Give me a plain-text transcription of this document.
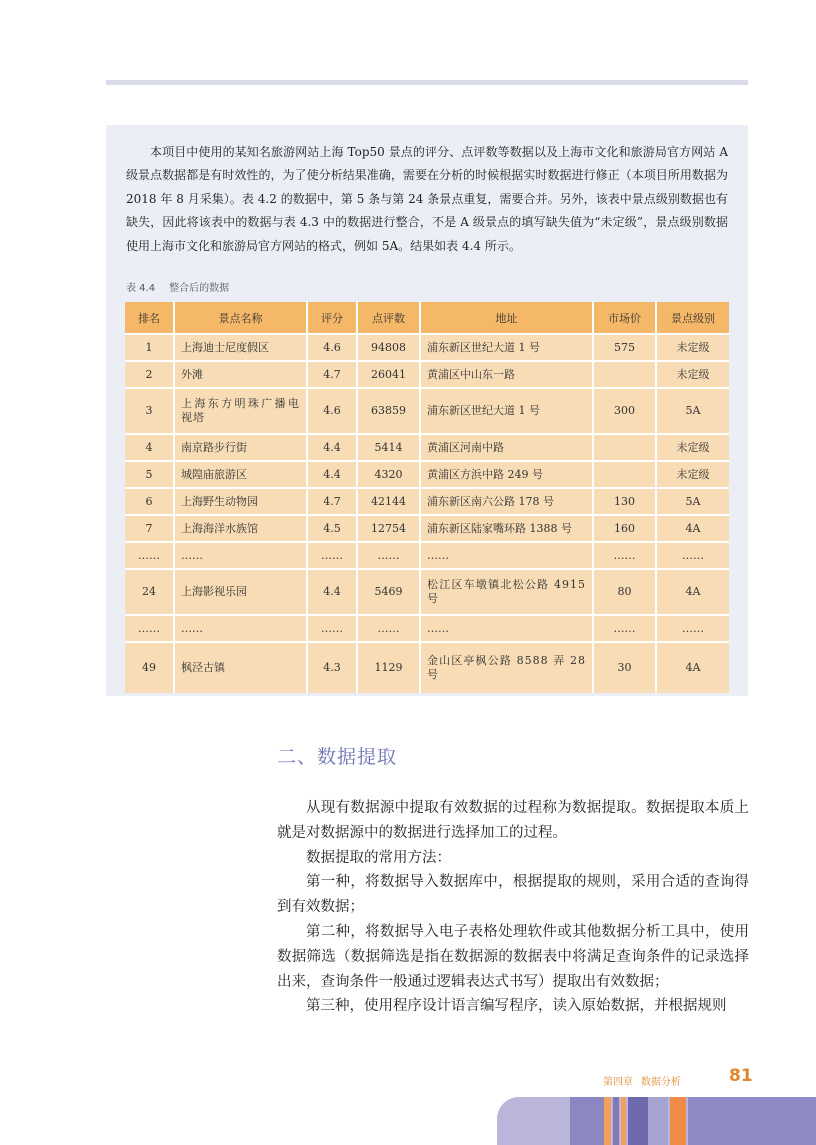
本项目中使用的某知名旅游网站上海 Top50 景点的评分、点评数等数据以及上海市文化和旅游局官方网站 A 级景点数据都是有时效性的，为了使分析结果准确，需要在分析的时候根据实时数据进行修正（本项目所用数据为 2018 年 8 月采集）。表 4.2 的数据中，第 5 条与第 24 条景点重复，需要合并。另外，该表中景点级别数据也有缺失，因此将该表中的数据与表 4.3 中的数据进行整合，不是 A 级景点的填写缺失值为“未定级”，景点级别数据使用上海市文化和旅游局官方网站的格式，例如 5A。结果如表 4.4 所示。
表 4.4 整合后的数据
排名	景点名称	评分	点评数	地址	市场价	景点级别
1	上海迪士尼度假区	4.6	94808	浦东新区世纪大道 1 号	575	未定级
2	外滩	4.7	26041	黄浦区中山东一路		未定级
3	上海东方明珠广播电视塔	4.6	63859	浦东新区世纪大道 1 号	300	5A
4	南京路步行街	4.4	5414	黄浦区河南中路		未定级
5	城隍庙旅游区	4.4	4320	黄浦区方浜中路 249 号		未定级
6	上海野生动物园	4.7	42144	浦东新区南六公路 178 号	130	5A
7	上海海洋水族馆	4.5	12754	浦东新区陆家嘴环路 1388 号	160	4A
……	……	……	……	……	……	……
24	上海影视乐园	4.4	5469	松江区车墩镇北松公路 4915 号	80	4A
……	……	……	……	……	……	……
49	枫泾古镇	4.3	1129	金山区亭枫公路 8588 弄 28 号	30	4A
二、数据提取

从现有数据源中提取有效数据的过程称为数据提取。数据提取本质上就是对数据源中的数据进行选择加工的过程。

数据提取的常用方法：

第一种，将数据导入数据库中，根据提取的规则，采用合适的查询得到有效数据；

第二种，将数据导入电子表格处理软件或其他数据分析工具中，使用数据筛选（数据筛选是指在数据源的数据表中将满足查询条件的记录选择出来，查询条件一般通过逻辑表达式书写）提取出有效数据；

第三种，使用程序设计语言编写程序，读入原始数据，并根据规则

第四章 数据分析	81
